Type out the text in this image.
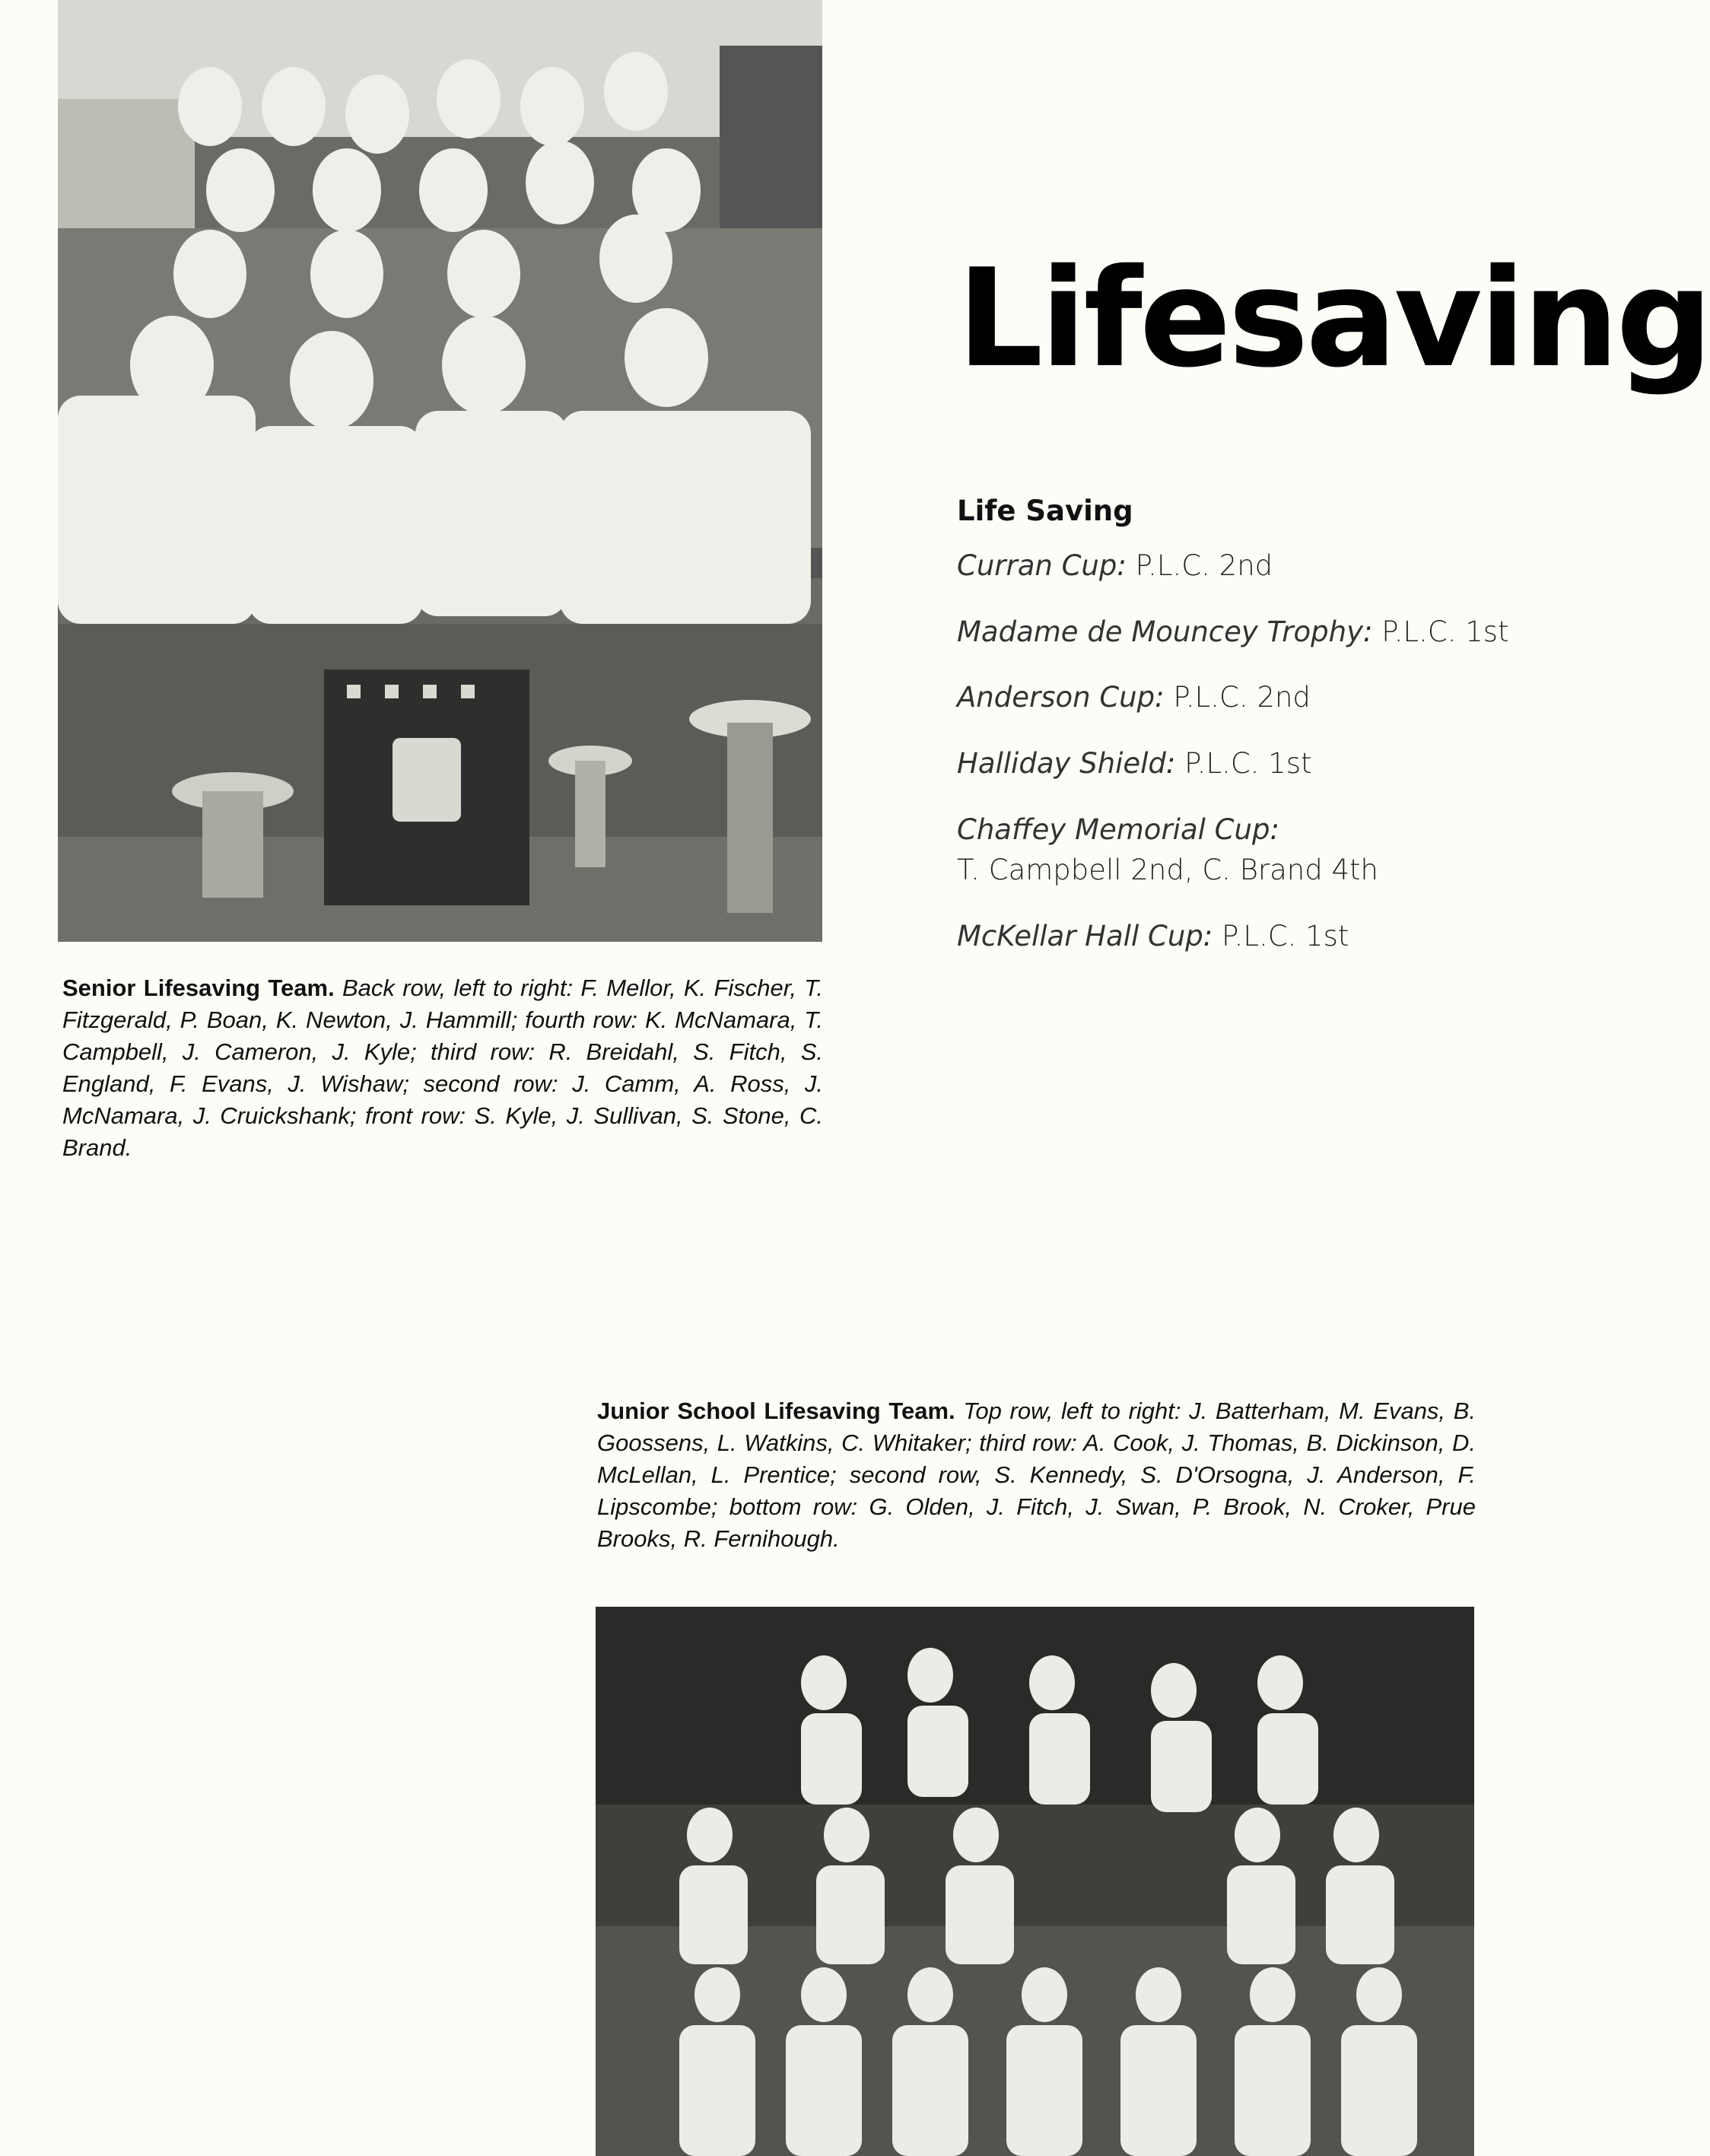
Lifesaving
Life Saving
Curran Cup: P.L.C. 2nd
Madame de Mouncey Trophy: P.L.C. 1st
Anderson Cup: P.L.C. 2nd
Halliday Shield: P.L.C. 1st
Chaffey Memorial Cup:
T. Campbell 2nd, C. Brand 4th
McKellar Hall Cup: P.L.C. 1st
Senior Lifesaving Team. Back row, left to right: F. Mellor, K. Fischer, T. Fitzgerald, P. Boan, K. Newton, J. Hammill; fourth row: K. McNamara, T. Campbell, J. Cameron, J. Kyle; third row: R. Breidahl, S. Fitch, S. England, F. Evans, J. Wishaw; second row: J. Camm, A. Ross, J. McNamara, J. Cruickshank; front row: S. Kyle, J. Sullivan, S. Stone, C. Brand.
Junior School Lifesaving Team. Top row, left to right: J. Batterham, M. Evans, B. Goossens, L. Watkins, C. Whitaker; third row: A. Cook, J. Thomas, B. Dickinson, D. McLellan, L. Prentice; second row, S. Kennedy, S. D'Orsogna, J. Anderson, F. Lipscombe; bottom row: G. Olden, J. Fitch, J. Swan, P. Brook, N. Croker, Prue Brooks, R. Fernihough.
